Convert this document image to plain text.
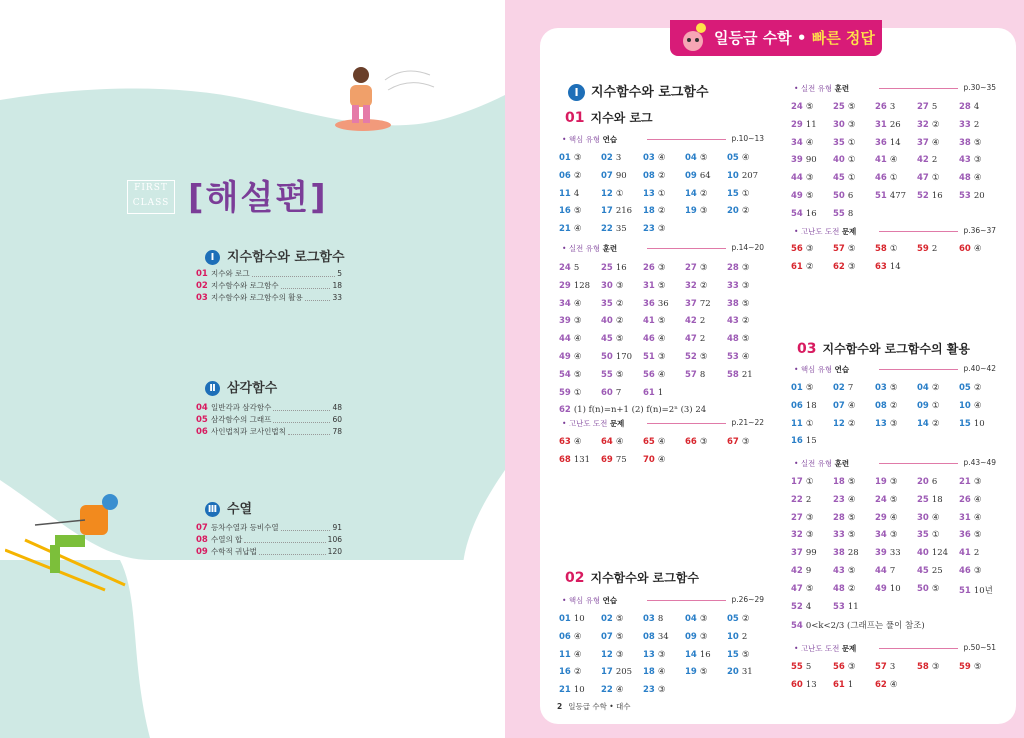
FIRST
CLASS [해설편]
Ⅰ 지수함수와 로그함수
01 지수와 로그	5
02 지수함수와 로그함수	18
03 지수함수와 로그함수의 활용	33
Ⅱ 삼각함수
04 일반각과 삼각함수	48
05 삼각함수의 그래프	60
06 사인법칙과 코사인법칙	78
Ⅲ 수열
07 등차수열과 등비수열	91
08 수열의 합	106
09 수학적 귀납법	120
일등급 수학 • 빠른 정답
Ⅰ 지수함수와 로그함수
01 지수와 로그
02 지수함수와 로그함수
03 지수함수와 로그함수의 활용
• 핵심 유형 연습	p.10~13
• 실전 유형 훈련	p.14~20
• 고난도 도전 문제	p.21~22
• 핵심 유형 연습	p.26~29
• 실전 유형 훈련	p.30~35
• 고난도 도전 문제	p.36~37
• 핵심 유형 연습	p.40~42
• 실전 유형 훈련	p.43~49
• 고난도 도전 문제	p.50~51
01 ③ 02 3	03 ④ 04 ⑤ 05 ④
06 ② 07 90 08 ② 09 64 10 207
11 4	12 ① 13 ① 14 ② 15 ①
16 ⑤ 17 216 18 ② 19 ③ 20 ②
21 ④ 22 35 23 ③
24 5	25 16 26 ③ 27 ③ 28 ③
29 128 30 ③ 31 ⑤ 32 ② 33 ③
34 ④ 35 ② 36 36 37 72 38 ⑤
39 ③ 40 ② 41 ⑤ 42 2	43 ②
44 ④ 45 ⑤ 46 ④ 47 2	48 ⑤
49 ④ 50 170 51 ③ 52 ⑤ 53 ④
54 ⑤ 55 ⑤ 56 ④ 57 8	58 21
59 ① 60 7	61 1
62 (1) f(n)=n+1 (2) f(n)=2ⁿ (3) 24
63 ④ 64 ④ 65 ④ 66 ③ 67 ③
68 131 69 75 70 ④
01 10 02 ⑤ 03 8	04 ③ 05 ②
06 ④ 07 ⑤ 08 34 09 ③ 10 2
11 ④ 12 ③ 13 ③ 14 16 15 ⑤
16 ② 17 205 18 ④ 19 ⑤ 20 31
21 10 22 ④ 23 ③
24 ⑤ 25 ⑤ 26 3	27 5	28 4
29 11 30 ③ 31 26 32 ② 33 2
34 ④ 35 ① 36 14 37 ④ 38 ⑤
39 90 40 ① 41 ④ 42 2	43 ③
44 ③ 45 ① 46 ① 47 ① 48 ④
49 ⑤ 50 6	51 477 52 16 53 20
54 16 55 8
56 ③ 57 ⑤ 58 ① 59 2	60 ④
61 ② 62 ③ 63 14
01 ⑤ 02 7	03 ⑤ 04 ② 05 ②
06 18 07 ④ 08 ② 09 ① 10 ④
11 ① 12 ② 13 ③ 14 ② 15 10
16 15
17 ① 18 ⑤ 19 ③ 20 6	21 ③
22 2	23 ④ 24 ⑤ 25 18 26 ④
27 ③ 28 ⑤ 29 ④ 30 ④ 31 ④
32 ③ 33 ⑤ 34 ③ 35 ① 36 ⑤
37 99 38 28 39 33 40 124 41 2
42 9	43 ⑤ 44 7	45 25 46 ③
47 ⑤ 48 ② 49 10 50 ⑤ 51 10년
52 4	53 11
54 0<k<2/3 (그래프는 풀이 참조)
55 5	56 ③ 57 3	58 ③ 59 ⑤
60 13 61 1	62 ④
2 일등급 수학 • 대수
